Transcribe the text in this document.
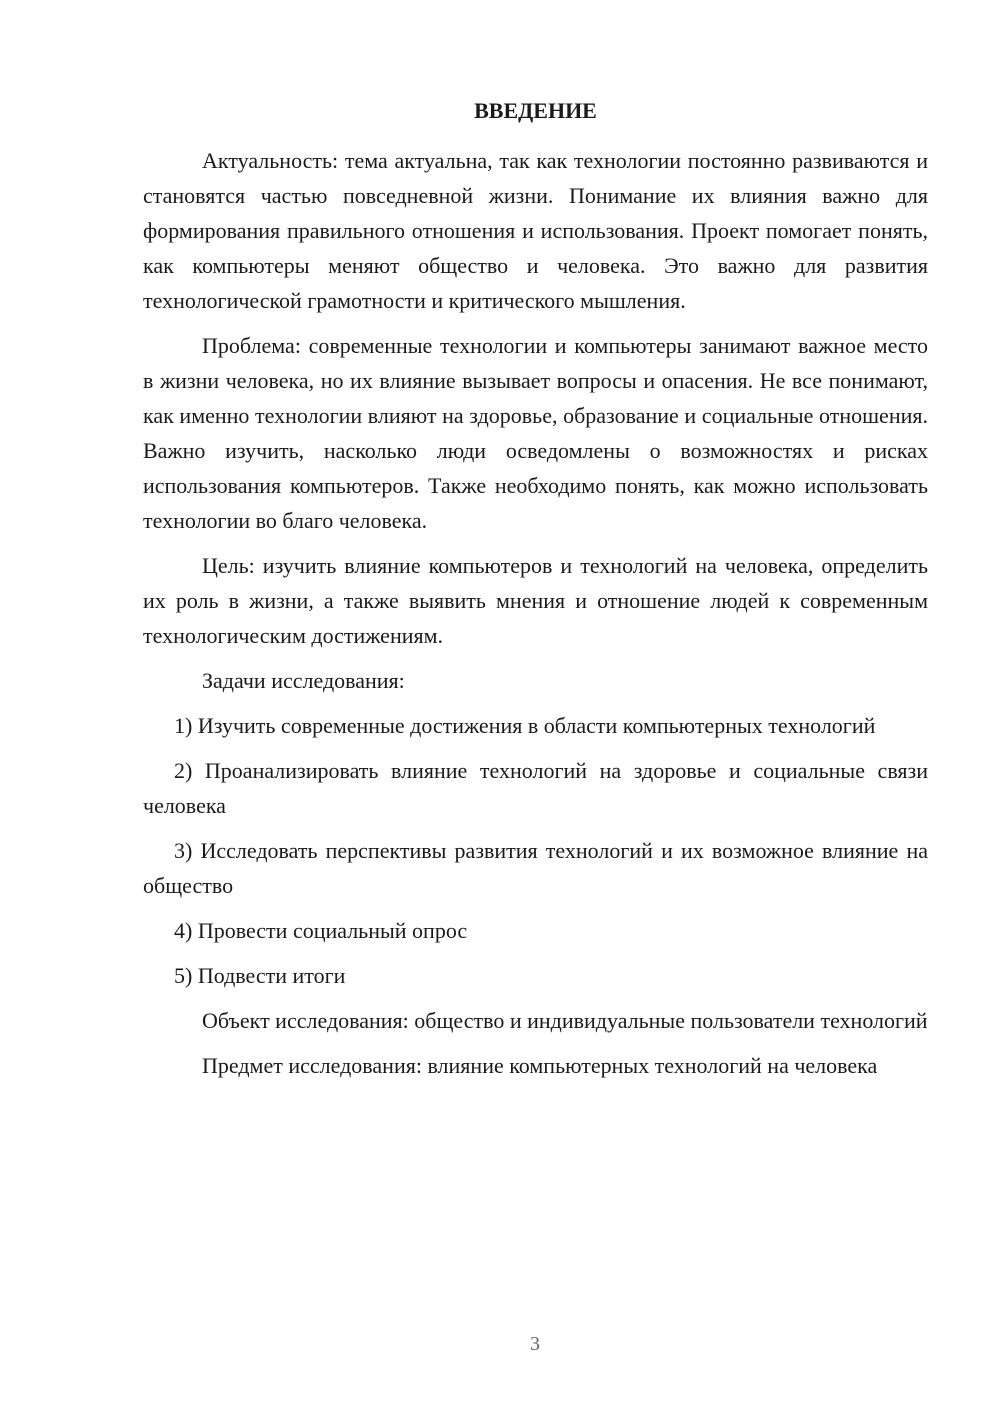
ВВЕДЕНИЕ

Актуальность: тема актуальна, так как технологии постоянно развиваются и становятся частью повседневной жизни. Понимание их влияния важно для формирования правильного отношения и использования. Проект помогает понять, как компьютеры меняют общество и человека. Это важно для развития технологической грамотности и критического мышления.

Проблема: современные технологии и компьютеры занимают важное место в жизни человека, но их влияние вызывает вопросы и опасения. Не все понимают, как именно технологии влияют на здоровье, образование и социальные отношения. Важно изучить, насколько люди осведомлены о возможностях и рисках использования компьютеров. Также необходимо понять, как можно использовать технологии во благо человека.

Цель: изучить влияние компьютеров и технологий на человека, определить их роль в жизни, а также выявить мнения и отношение людей к современным технологическим достижениям.

Задачи исследования:

1) Изучить современные достижения в области компьютерных технологий

2) Проанализировать влияние технологий на здоровье и социальные связи человека

3) Исследовать перспективы развития технологий и их возможное влияние на общество

4) Провести социальный опрос

5) Подвести итоги

Объект исследования: общество и индивидуальные пользователи технологий

Предмет исследования: влияние компьютерных технологий на человека

3
